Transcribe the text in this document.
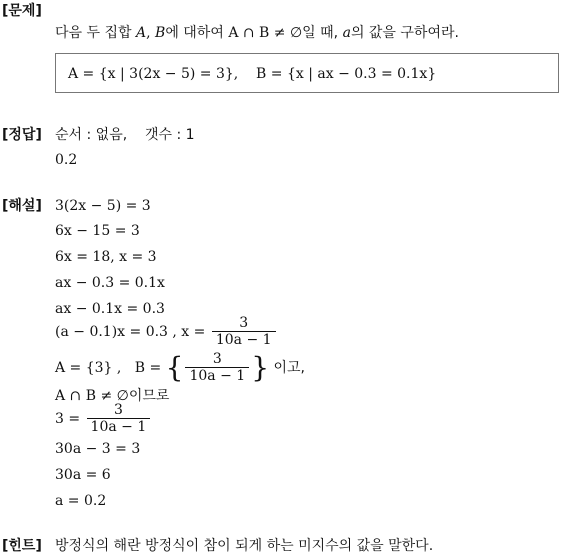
[문제]
다음 두 집합 A, B에 대하여 A ∩ B ≠ ∅일 때, a의 값을 구하여라.
A = {x | 3(2x − 5) = 3}, B = {x | ax − 0.3 = 0.1x}
[정답] 순서 : 없음, 갯수 : 1
0.2
[해설] 3(2x − 5) = 3
6x − 15 = 3
6x = 18, x = 3
ax − 0.3 = 0.1x
ax − 0.1x = 0.3
(a − 0.1)x = 0.3 , $x = \frac{3}{10a - 1}$
A = {3} , B = { $\frac{3}{10a - 1}$ } 이고,
A ∩ B ≠ ∅이므로
$3 = \frac{3}{10a - 1}$
30a − 3 = 3
30a = 6
a = 0.2
[힌트] 방정식의 해란 방정식이 참이 되게 하는 미지수의 값을 말한다.
